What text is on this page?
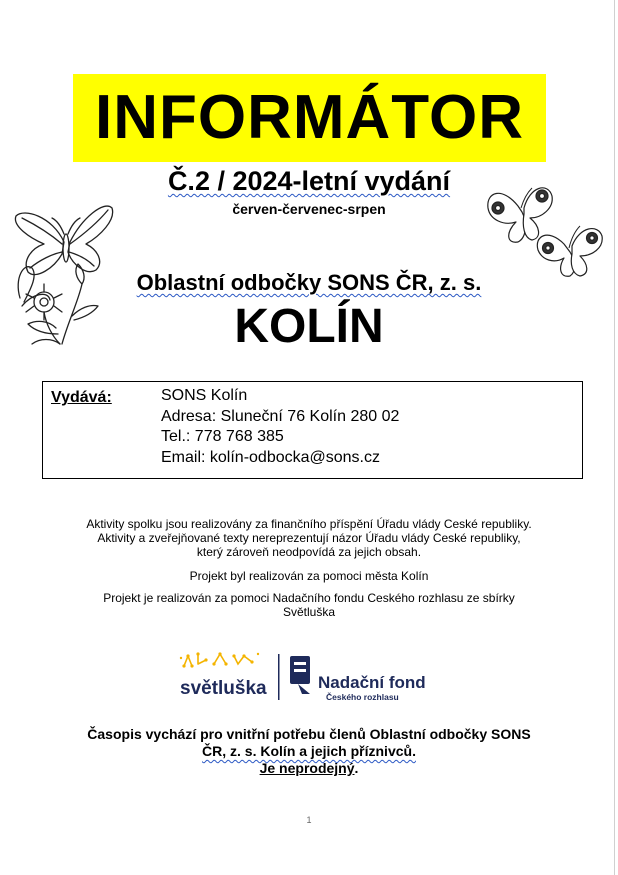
INFORMÁTOR
Č.2 / 2024-letní vydání
červen-červenec-srpen
Oblastní odbočky SONS ČR, z. s.
KOLÍN
Vydává:	SONS Kolín
Adresa: Sluneční 76 Kolín 280 02
Tel.: 778 768 385
Email: kolín-odbocka@sons.cz
Aktivity spolku jsou realizovány za finančního příspění Úřadu vlády Ceské republiky.
Aktivity a zveřejňované texty nereprezentují názor Úřadu vlády Ceské republiky,
který zároveň neodpovídá za jejich obsah.
Projekt byl realizován za pomoci města Kolín
Projekt je realizován za pomoci Nadačního fondu Ceského rozhlasu ze sbírky
Světluška
světluška	Nadační fond
Českého rozhlasu
Časopis vychází pro vnitřní potřebu členů Oblastní odbočky SONS
ČR, z. s. Kolín a jejich příznivců.
Je neprodejný.
1
